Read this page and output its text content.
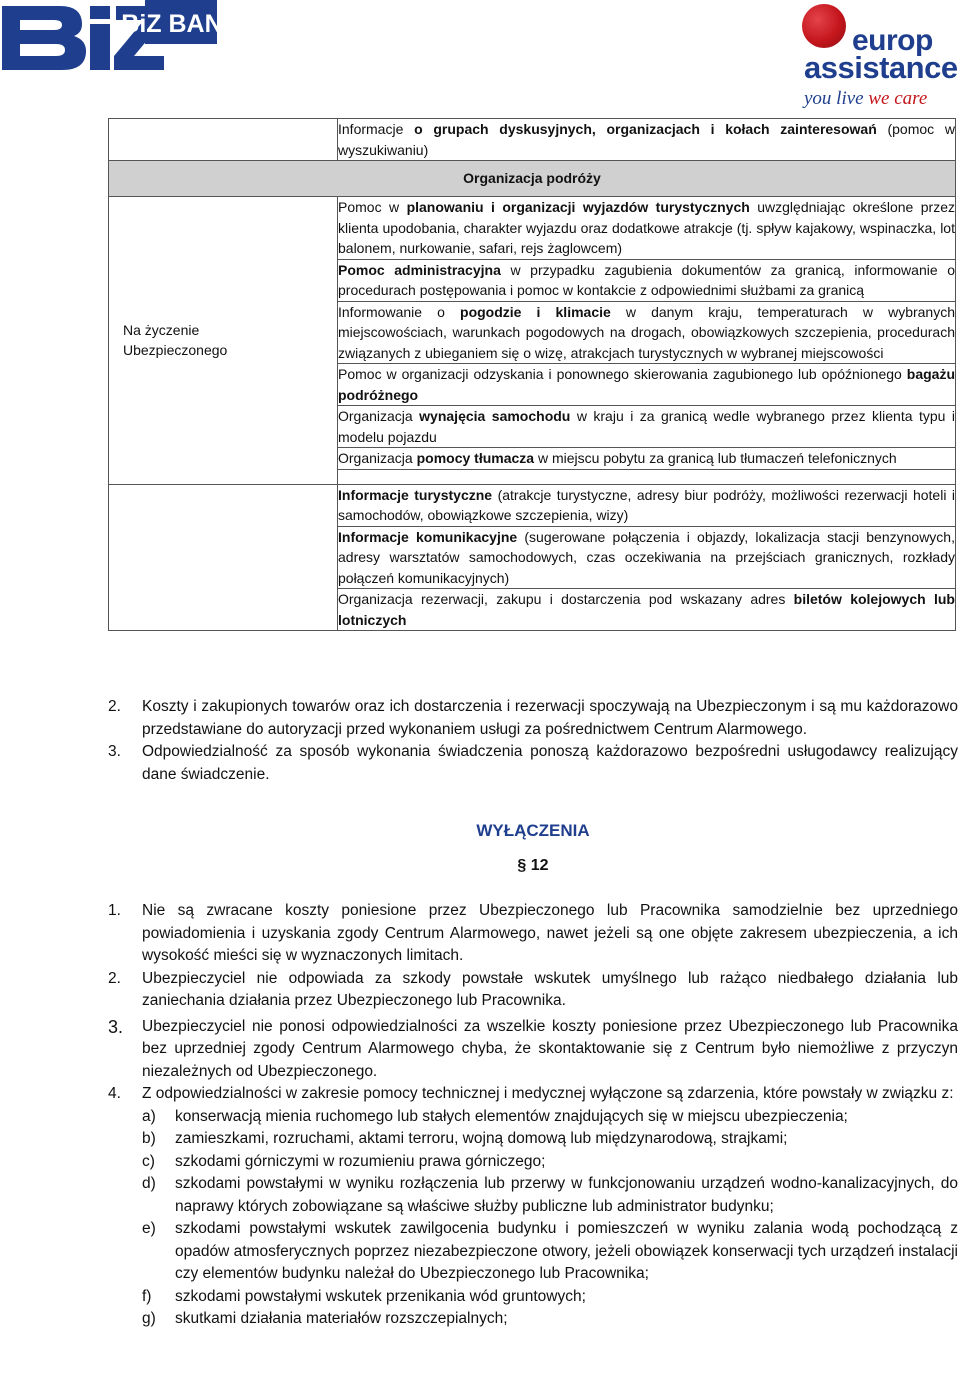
BiZ BANK	europ
assistance
you live we care
	Informacje o grupach dyskusyjnych, organizacjach i kołach zainteresowań (pomoc w wyszukiwaniu)
Organizacja podróży	
Na życzenie
Ubezpieczonego	Pomoc w planowaniu i organizacji wyjazdów turystycznych uwzględniając określone przez klienta upodobania, charakter wyjazdu oraz dodatkowe atrakcje (tj. spływ kajakowy, wspinaczka, lot balonem, nurkowanie, safari, rejs żaglowcem)
	Pomoc administracyjna w przypadku zagubienia dokumentów za granicą, informowanie o procedurach postępowania i pomoc w kontakcie z odpowiednimi służbami za granicą
	Informowanie o pogodzie i klimacie w danym kraju, temperaturach w wybranych miejscowościach, warunkach pogodowych na drogach, obowiązkowych szczepienia, procedurach związanych z ubieganiem się o wizę, atrakcjach turystycznych w wybranej miejscowości
	Pomoc w organizacji odzyskania i ponownego skierowania zagubionego lub opóźnionego bagażu podróżnego
	Organizacja wynajęcia samochodu w kraju i za granicą wedle wybranego przez klienta typu i modelu pojazdu
	Organizacja pomocy tłumacza w miejscu pobytu za granicą lub tłumaczeń telefonicznych

	Informacje turystyczne (atrakcje turystyczne, adresy biur podróży, możliwości rezerwacji hoteli i samochodów, obowiązkowe szczepienia, wizy)
	Informacje komunikacyjne (sugerowane połączenia i objazdy, lokalizacja stacji benzynowych, adresy warsztatów samochodowych, czas oczekiwania na przejściach granicznych, rozkłady połączeń komunikacyjnych)
	Organizacja rezerwacji, zakupu i dostarczenia pod wskazany adres biletów kolejowych lub lotniczych
2. Koszty i zakupionych towarów oraz ich dostarczenia i rezerwacji spoczywają na Ubezpieczonym i są mu każdorazowo przedstawiane do autoryzacji przed wykonaniem usługi za pośrednictwem Centrum Alarmowego.
3. Odpowiedzialność za sposób wykonania świadczenia ponoszą każdorazowo bezpośredni usługodawcy realizujący dane świadczenie.
WYŁĄCZENIA
§ 12
1. Nie są zwracane koszty poniesione przez Ubezpieczonego lub Pracownika samodzielnie bez uprzedniego powiadomienia i uzyskania zgody Centrum Alarmowego, nawet jeżeli są one objęte zakresem ubezpieczenia, a ich wysokość mieści się w wyznaczonych limitach.
2. Ubezpieczyciel nie odpowiada za szkody powstałe wskutek umyślnego lub rażąco niedbałego działania lub zaniechania działania przez Ubezpieczonego lub Pracownika.
3. Ubezpieczyciel nie ponosi odpowiedzialności za wszelkie koszty poniesione przez Ubezpieczonego lub Pracownika bez uprzedniej zgody Centrum Alarmowego chyba, że skontaktowanie się z Centrum było niemożliwe z przyczyn niezależnych od Ubezpieczonego.
4. Z odpowiedzialności w zakresie pomocy technicznej i medycznej wyłączone są zdarzenia, które powstały w związku z:
a) konserwacją mienia ruchomego lub stałych elementów znajdujących się w miejscu ubezpieczenia;
b) zamieszkami, rozruchami, aktami terroru, wojną domową lub międzynarodową, strajkami;
c) szkodami górniczymi w rozumieniu prawa górniczego;
d) szkodami powstałymi w wyniku rozłączenia lub przerwy w funkcjonowaniu urządzeń wodno-kanalizacyjnych, do naprawy których zobowiązane są właściwe służby publiczne lub administrator budynku;
e) szkodami powstałymi wskutek zawilgocenia budynku i pomieszczeń w wyniku zalania wodą pochodzącą z opadów atmosferycznych poprzez niezabezpieczone otwory, jeżeli obowiązek konserwacji tych urządzeń instalacji czy elementów budynku należał do Ubezpieczonego lub Pracownika;
f) szkodami powstałymi wskutek przenikania wód gruntowych;
g) skutkami działania materiałów rozszczepialnych;
